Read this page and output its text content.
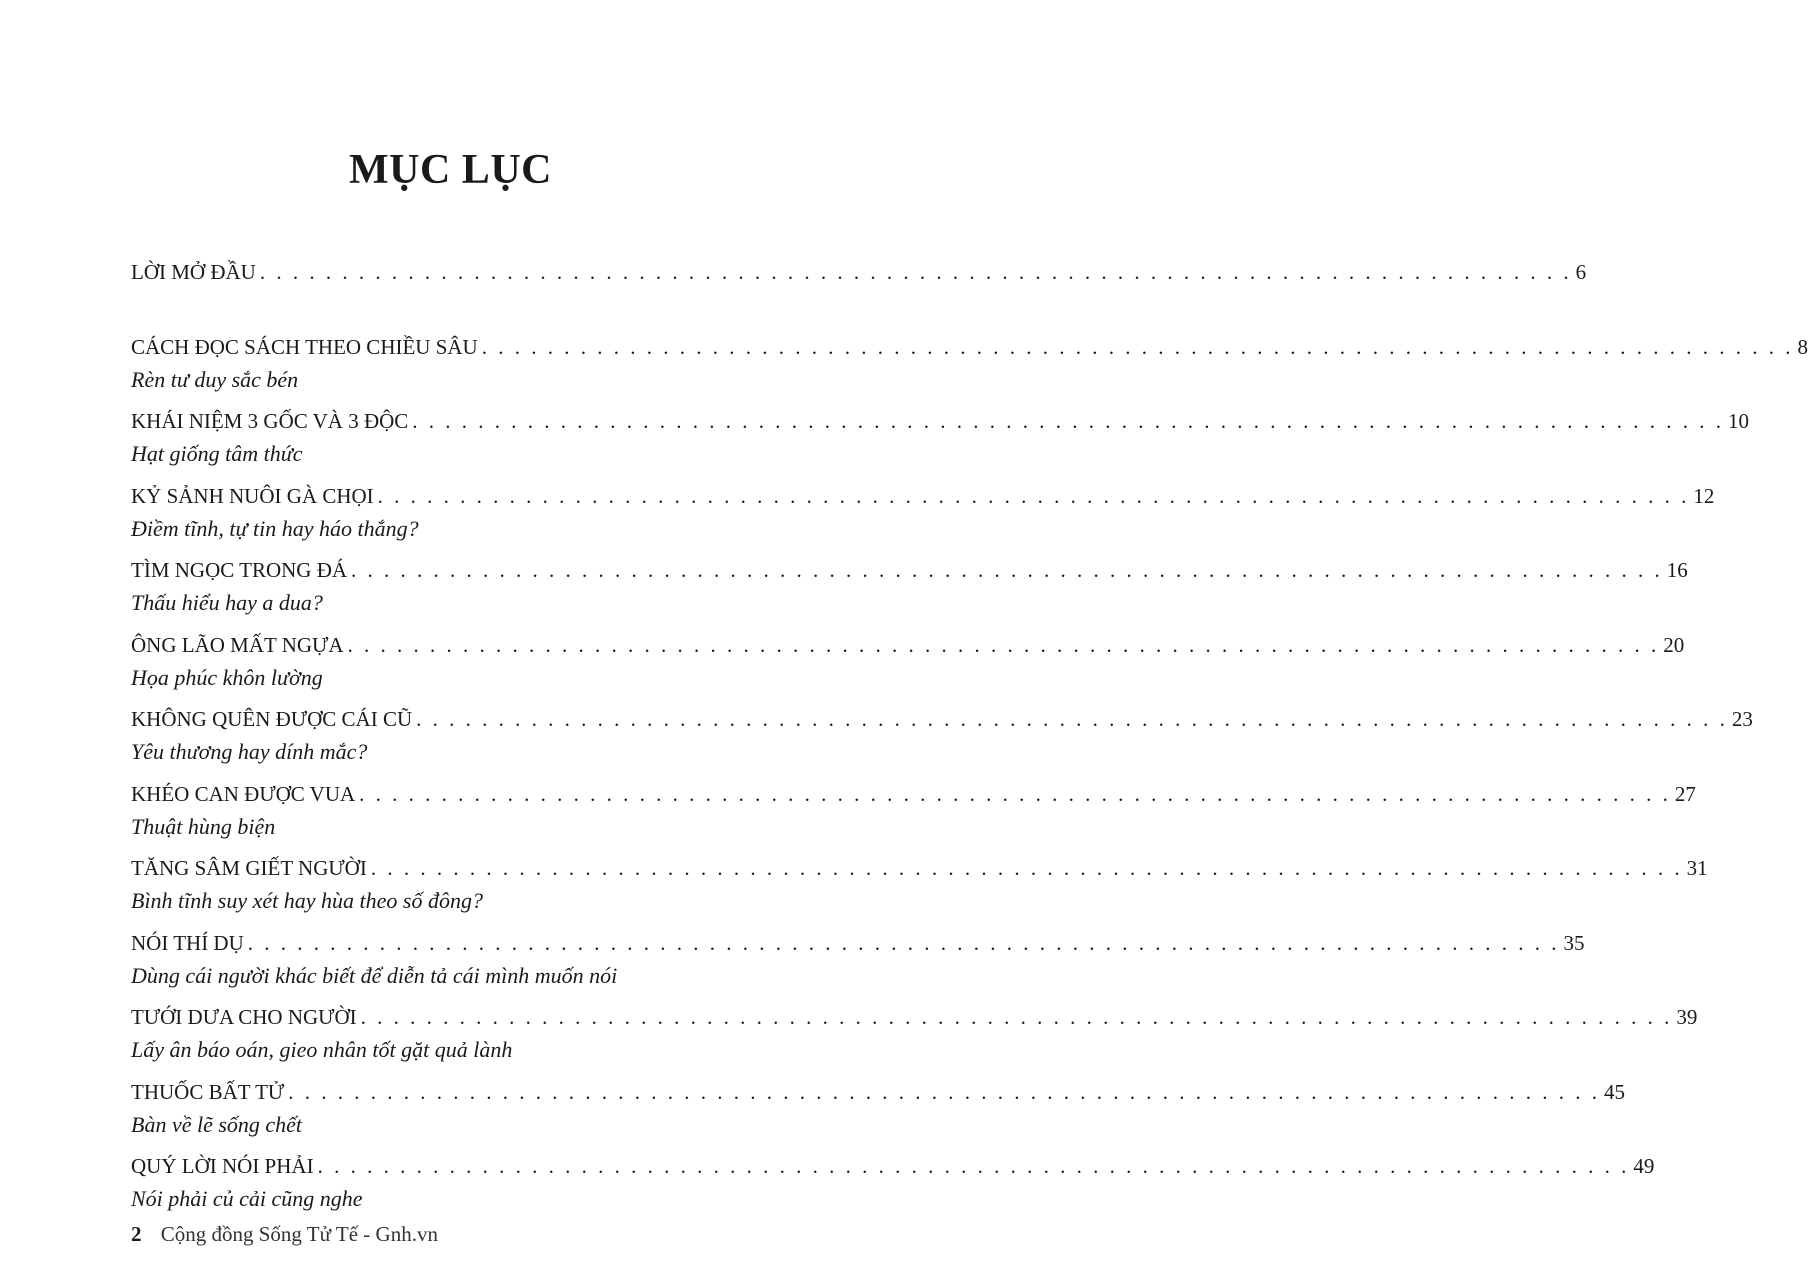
MỤC LỤC
LỜI MỞ ĐẦU . . . . . . . . . . . . . . . . . . . . . . . . . . . . . . . . . . . . . . . . . . . . . . . . . . . . . . . . . . . . . . . . . . . . . . . . . . . . . . . . 6
CÁCH ĐỌC SÁCH THEO CHIỀU SÂU . . . . . . . . . . . . . . . . . . . . . . . . . . . . . . . . . . . . . . . . . . . . . . . . . . . . . . . . . . . . . . . . . . . . . . . . . . . . . . . . 8
Rèn tư duy sắc bén
KHÁI NIỆM 3 GỐC VÀ 3 ĐỘC . . . . . . . . . . . . . . . . . . . . . . . . . . . . . . . . . . . . . . . . . . . . . . . . . . . . . . . . . . . . . . . . . . . . . . . . . . . . . . . . 10
Hạt giống tâm thức
KỶ SẢNH NUÔI GÀ CHỌI . . . . . . . . . . . . . . . . . . . . . . . . . . . . . . . . . . . . . . . . . . . . . . . . . . . . . . . . . . . . . . . . . . . . . . . . . . . . . . . . 12
Điềm tĩnh, tự tin hay háo thắng?
TÌM NGỌC TRONG ĐÁ . . . . . . . . . . . . . . . . . . . . . . . . . . . . . . . . . . . . . . . . . . . . . . . . . . . . . . . . . . . . . . . . . . . . . . . . . . . . . . . . 16
Thấu hiểu hay a dua?
ÔNG LÃO MẤT NGỰA . . . . . . . . . . . . . . . . . . . . . . . . . . . . . . . . . . . . . . . . . . . . . . . . . . . . . . . . . . . . . . . . . . . . . . . . . . . . . . . . 20
Họa phúc khôn lường
KHÔNG QUÊN ĐƯỢC CÁI CŨ . . . . . . . . . . . . . . . . . . . . . . . . . . . . . . . . . . . . . . . . . . . . . . . . . . . . . . . . . . . . . . . . . . . . . . . . . . . . . . . . 23
Yêu thương hay dính mắc?
KHÉO CAN ĐƯỢC VUA . . . . . . . . . . . . . . . . . . . . . . . . . . . . . . . . . . . . . . . . . . . . . . . . . . . . . . . . . . . . . . . . . . . . . . . . . . . . . . . . 27
Thuật hùng biện
TĂNG SÂM GIẾT NGƯỜI . . . . . . . . . . . . . . . . . . . . . . . . . . . . . . . . . . . . . . . . . . . . . . . . . . . . . . . . . . . . . . . . . . . . . . . . . . . . . . . . 31
Bình tĩnh suy xét hay hùa theo số đông?
NÓI THÍ DỤ . . . . . . . . . . . . . . . . . . . . . . . . . . . . . . . . . . . . . . . . . . . . . . . . . . . . . . . . . . . . . . . . . . . . . . . . . . . . . . . . 35
Dùng cái người khác biết để diễn tả cái mình muốn nói
TƯỚI DƯA CHO NGƯỜI . . . . . . . . . . . . . . . . . . . . . . . . . . . . . . . . . . . . . . . . . . . . . . . . . . . . . . . . . . . . . . . . . . . . . . . . . . . . . . . . 39
Lấy ân báo oán, gieo nhân tốt gặt quả lành
THUỐC BẤT TỬ . . . . . . . . . . . . . . . . . . . . . . . . . . . . . . . . . . . . . . . . . . . . . . . . . . . . . . . . . . . . . . . . . . . . . . . . . . . . . . . . 45
Bàn về lẽ sống chết
QUÝ LỜI NÓI PHẢI . . . . . . . . . . . . . . . . . . . . . . . . . . . . . . . . . . . . . . . . . . . . . . . . . . . . . . . . . . . . . . . . . . . . . . . . . . . . . . . . 49
Nói phải củ cải cũng nghe
2 Cộng đồng Sống Tử Tế - Gnh.vn
